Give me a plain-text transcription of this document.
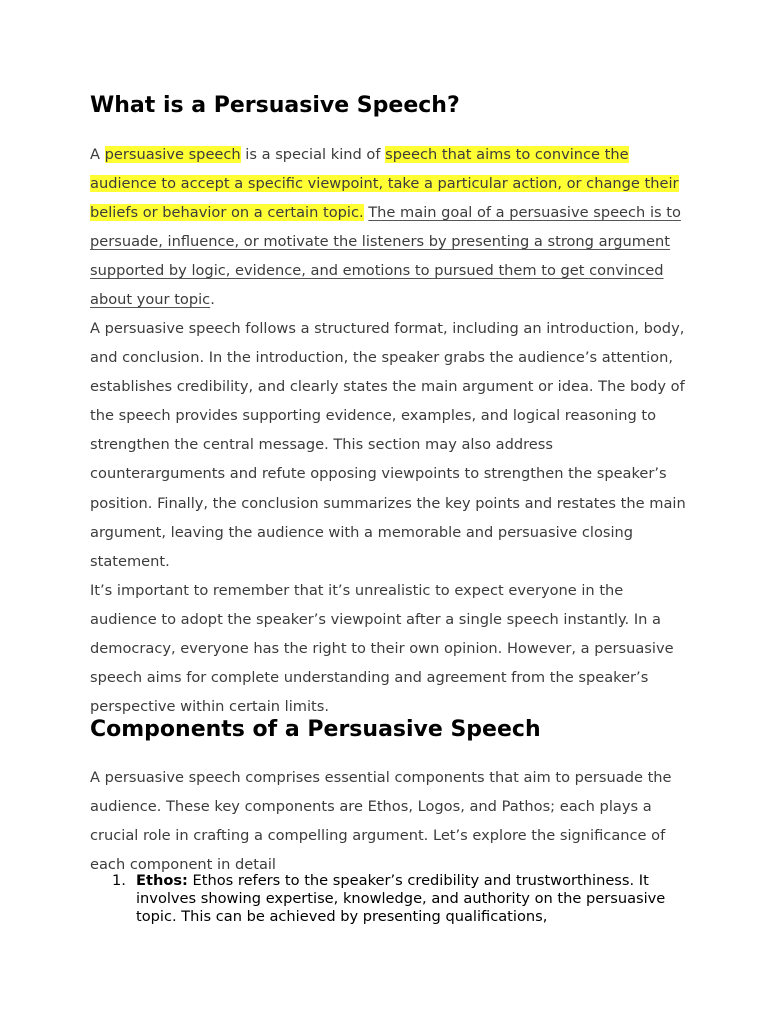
What is a Persuasive Speech?

A persuasive speech is a special kind of speech that aims to convince the audience to accept a specific viewpoint, take a particular action, or change their beliefs or behavior on a certain topic. The main goal of a persuasive speech is to persuade, influence, or motivate the listeners by presenting a strong argument supported by logic, evidence, and emotions to pursued them to get convinced about your topic.

A persuasive speech follows a structured format, including an introduction, body, and conclusion. In the introduction, the speaker grabs the audience’s attention, establishes credibility, and clearly states the main argument or idea. The body of the speech provides supporting evidence, examples, and logical reasoning to strengthen the central message. This section may also address counterarguments and refute opposing viewpoints to strengthen the speaker’s position. Finally, the conclusion summarizes the key points and restates the main argument, leaving the audience with a memorable and persuasive closing statement.

It’s important to remember that it’s unrealistic to expect everyone in the audience to adopt the speaker’s viewpoint after a single speech instantly. In a democracy, everyone has the right to their own opinion. However, a persuasive speech aims for complete understanding and agreement from the speaker’s perspective within certain limits.

Components of a Persuasive Speech

A persuasive speech comprises essential components that aim to persuade the audience. These key components are Ethos, Logos, and Pathos; each plays a crucial role in crafting a compelling argument. Let’s explore the significance of each component in detail

1. Ethos: Ethos refers to the speaker’s credibility and trustworthiness. It involves showing expertise, knowledge, and authority on the persuasive topic. This can be achieved by presenting qualifications,
